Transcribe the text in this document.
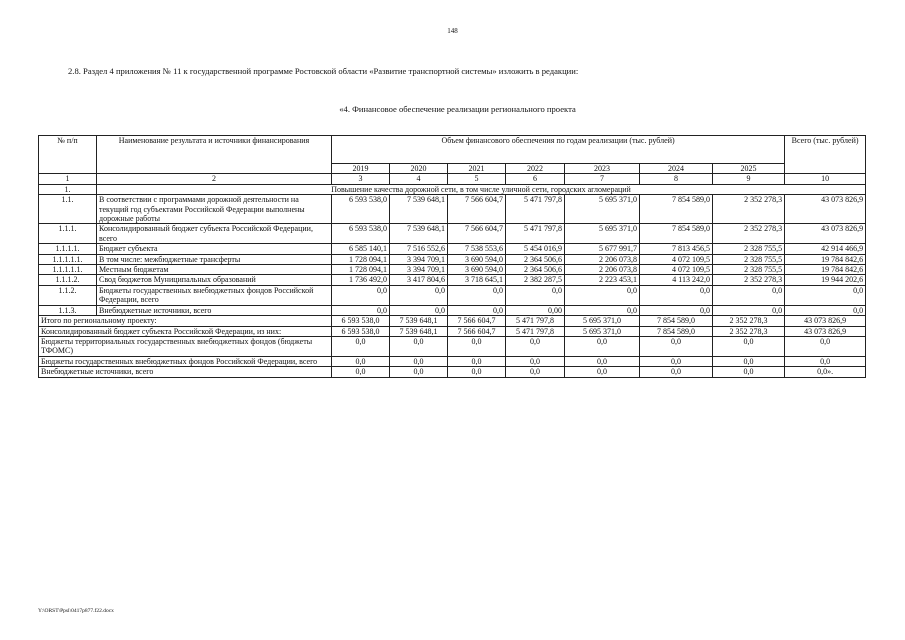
148
2.8. Раздел 4 приложения № 11 к государственной программе Ростовской области «Развитие транспортной системы» изложить в редакции:
«4. Финансовое обеспечение реализации регионального проекта
№ п/п	Наименование результата и источники финансирования	Объем финансового обеспечения по годам реализации (тыс. рублей)							Всего (тыс. рублей)
		2019	2020	2021	2022	2023	2024	2025	
1	2	3	4	5	6	7	8	9	10
1.	Повышение качества дорожной сети, в том числе уличной сети, городских агломераций								
1.1.	В соответствии с программами дорожной деятельности на текущий год субъектами Российской Федерации выполнены дорожные работы	6 593 538,0	7 539 648,1	7 566 604,7	5 471 797,8	5 695 371,0	7 854 589,0	2 352 278,3	43 073 826,9
1.1.1.	Консолидированный бюджет субъекта Российской Федерации, всего	6 593 538,0	7 539 648,1	7 566 604,7	5 471 797,8	5 695 371,0	7 854 589,0	2 352 278,3	43 073 826,9
1.1.1.1.	Бюджет субъекта	6 585 140,1	7 516 552,6	7 538 553,6	5 454 016,9	5 677 991,7	7 813 456,5	2 328 755,5	42 914 466,9
1.1.1.1.1.	В том числе: межбюджетные трансферты	1 728 094,1	3 394 709,1	3 690 594,0	2 364 506,6	2 206 073,8	4 072 109,5	2 328 755,5	19 784 842,6
1.1.1.1.1.	Местным бюджетам	1 728 094,1	3 394 709,1	3 690 594,0	2 364 506,6	2 206 073,8	4 072 109,5	2 328 755,5	19 784 842,6
1.1.1.2.	Свод бюджетов Муниципальных образований	1 736 492,0	3 417 804,6	3 718 645,1	2 382 287,5	2 223 453,1	4 113 242,0	2 352 278,3	19 944 202,6
1.1.2.	Бюджеты государственных внебюджетных фондов Российской Федерации, всего	0,0	0,0	0,0	0,0	0,0	0,0	0,0	0,0
1.1.3.	Внебюджетные источники, всего	0,0	0,0	0,0	0,00	0,0	0,0	0,0	0,0
Итого по региональному проекту:		6 593 538,0	7 539 648,1	7 566 604,7	5 471 797,8	5 695 371,0	7 854 589,0	2 352 278,3	43 073 826,9
Консолидированный бюджет субъекта Российской Федерации, из них:		6 593 538,0	7 539 648,1	7 566 604,7	5 471 797,8	5 695 371,0	7 854 589,0	2 352 278,3	43 073 826,9
Бюджеты территориальных государственных внебюджетных фондов (бюджеты ТФОМС)		0,0	0,0	0,0	0,0	0,0	0,0	0,0	0,0
Бюджеты государственных внебюджетных фондов Российской Федерации, всего		0,0	0,0	0,0	0,0	0,0	0,0	0,0	0,0
Внебюджетные источники, всего		0,0	0,0	0,0	0,0	0,0	0,0	0,0	0,0».
Y:\ORST\Ppsl\0417p877.f22.docx
